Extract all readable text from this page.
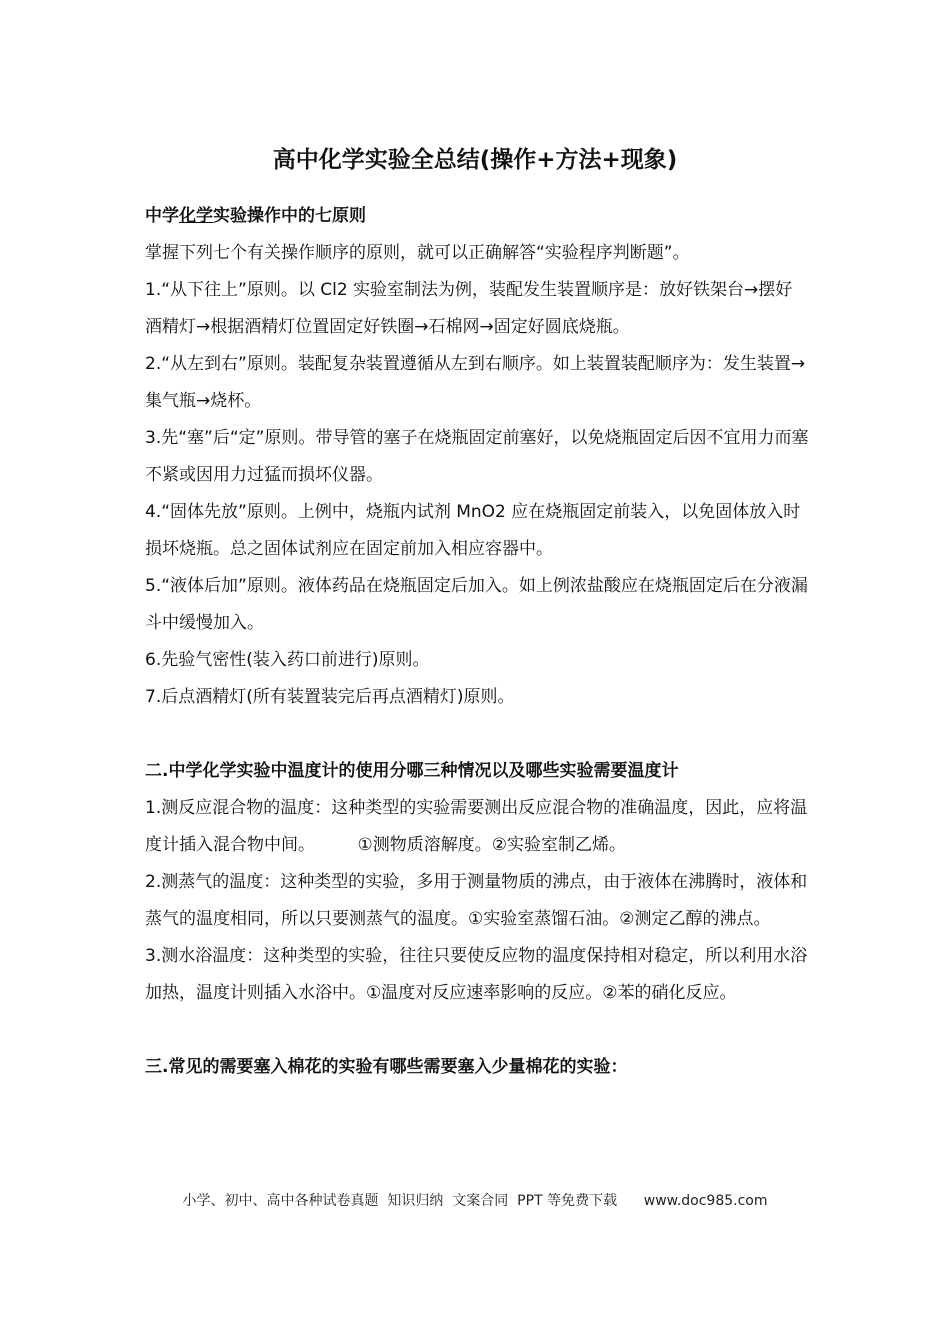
高中化学实验全总结(操作+方法+现象)

中学化学实验操作中的七原则

掌握下列七个有关操作顺序的原则，就可以正确解答“实验程序判断题”。

1.“从下往上”原则。以 Cl2 实验室制法为例，装配发生装置顺序是：放好铁架台→摆好酒精灯→根据酒精灯位置固定好铁圈→石棉网→固定好圆底烧瓶。

2.“从左到右”原则。装配复杂装置遵循从左到右顺序。如上装置装配顺序为：发生装置→集气瓶→烧杯。

3.先“塞”后“定”原则。带导管的塞子在烧瓶固定前塞好，以免烧瓶固定后因不宜用力而塞不紧或因用力过猛而损坏仪器。

4.“固体先放”原则。上例中，烧瓶内试剂 MnO2 应在烧瓶固定前装入，以免固体放入时损坏烧瓶。总之固体试剂应在固定前加入相应容器中。

5.“液体后加”原则。液体药品在烧瓶固定后加入。如上例浓盐酸应在烧瓶固定后在分液漏斗中缓慢加入。

6.先验气密性(装入药口前进行)原则。

7.后点酒精灯(所有装置装完后再点酒精灯)原则。

二.中学化学实验中温度计的使用分哪三种情况以及哪些实验需要温度计

1.测反应混合物的温度：这种类型的实验需要测出反应混合物的准确温度，因此，应将温度计插入混合物中间。　　　①测物质溶解度。②实验室制乙烯。

2.测蒸气的温度：这种类型的实验，多用于测量物质的沸点，由于液体在沸腾时，液体和蒸气的温度相同，所以只要测蒸气的温度。①实验室蒸馏石油。②测定乙醇的沸点。

3.测水浴温度：这种类型的实验，往往只要使反应物的温度保持相对稳定，所以利用水浴加热，温度计则插入水浴中。①温度对反应速率影响的反应。②苯的硝化反应。

三.常见的需要塞入棉花的实验有哪些需要塞入少量棉花的实验：

小学、初中、高中各种试卷真题  知识归纳  文案合同  PPT 等免费下载      www.doc985.com
